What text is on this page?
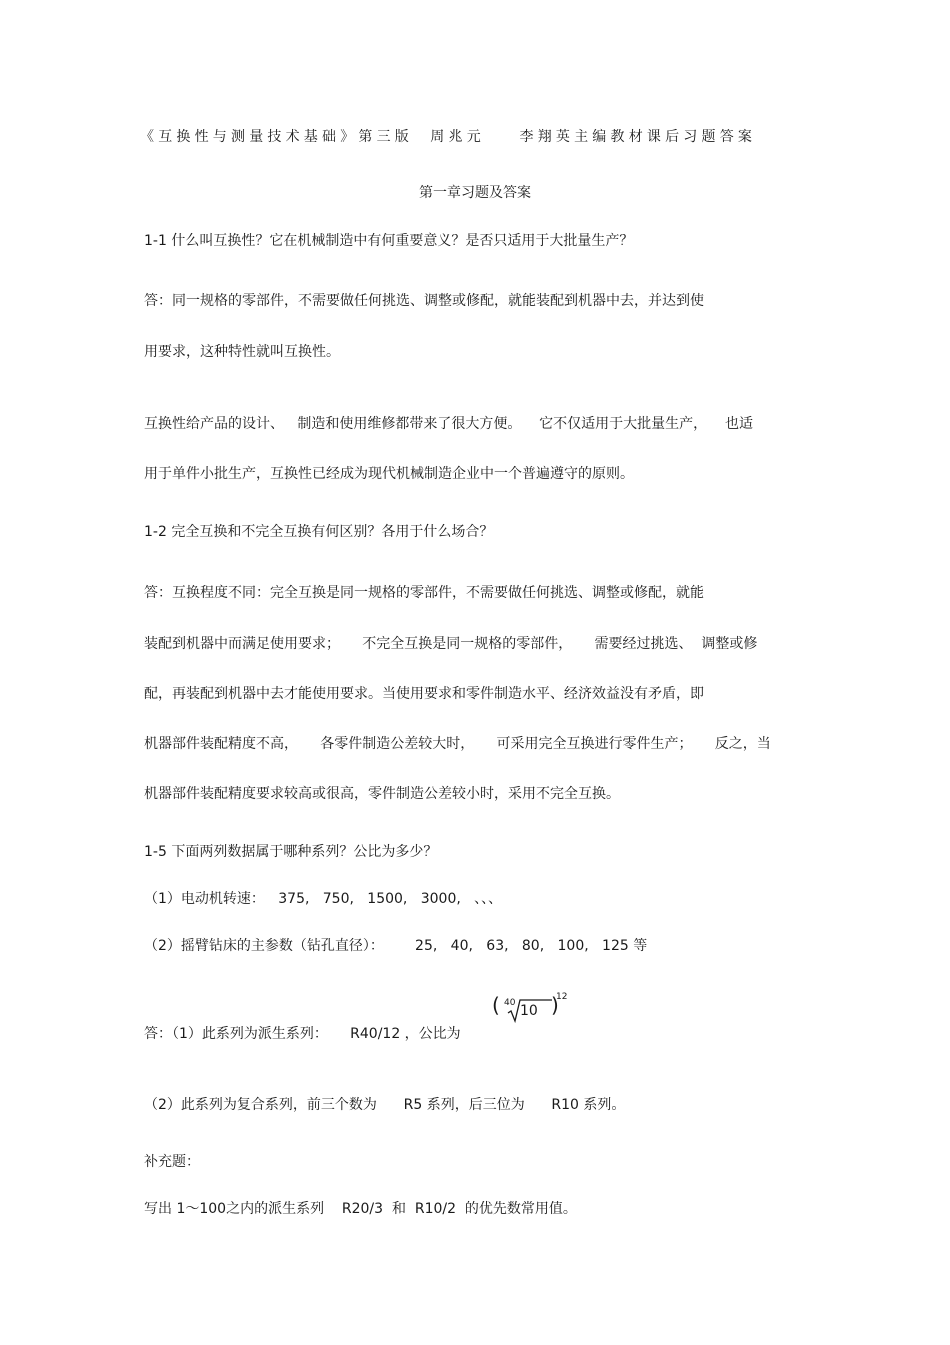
《互换性与测量技术基础》第三版  周兆元    李翔英主编教材课后习题答案
第一章习题及答案
1-1 什么叫互换性？它在机械制造中有何重要意义？是否只适用于大批量生产？
答：同一规格的零部件，不需要做任何挑选、调整或修配，就能装配到机器中去，并达到使
用要求，这种特性就叫互换性。
互换性给产品的设计、   制造和使用维修都带来了很大方便。    它不仅适用于大批量生产，    也适
用于单件小批生产，互换性已经成为现代机械制造企业中一个普遍遵守的原则。
1-2 完全互换和不完全互换有何区别？各用于什么场合？
答：互换程度不同：完全互换是同一规格的零部件，不需要做任何挑选、调整或修配，就能
装配到机器中而满足使用要求；     不完全互换是同一规格的零部件，     需要经过挑选、  调整或修
配，再装配到机器中去才能使用要求。当使用要求和零件制造水平、经济效益没有矛盾，即
机器部件装配精度不高，     各零件制造公差较大时，     可采用完全互换进行零件生产；     反之，当
机器部件装配精度要求较高或很高，零件制造公差较小时，采用不完全互换。
1-5 下面两列数据属于哪种系列？公比为多少？
（1）电动机转速：   375,   750,   1500,   3000,   、、、
（2）摇臂钻床的主参数（钻孔直径）：       25,   40,   63,   80,   100,   125 等
答：（1）此系列为派生系列：     R40/12 ，公比为
( 40 10 )
12
（2）此系列为复合系列，前三个数为      R5 系列，后三位为      R10 系列。
补充题：
写出 1～100之内的派生系列    R20/3  和  R10/2  的优先数常用值。
